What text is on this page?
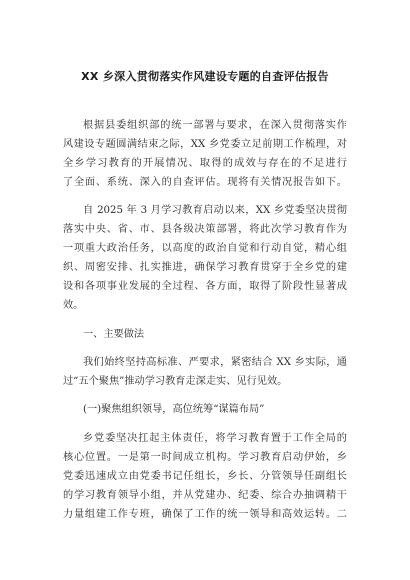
XX 乡深入贯彻落实作风建设专题的自查评估报告
根据县委组织部的统一部署与要求，在深入贯彻落实作
风建设专题圆满结束之际，XX 乡党委立足前期工作梳理，对
全乡学习教育的开展情况、取得的成效与存在的不足进行
了全面、系统、深入的自查评估。现将有关情况报告如下。
自 2025 年 3 月学习教育启动以来，XX 乡党委坚决贯彻
落实中央、省、市、县各级决策部署，将此次学习教育作为
一项重大政治任务，以高度的政治自觉和行动自觉，精心组
织、周密安排、扎实推进，确保学习教育贯穿于全乡党的建
设和各项事业发展的全过程、各方面，取得了阶段性显著成
效。
一、主要做法
我们始终坚持高标准、严要求，紧密结合 XX 乡实际，通
过“五个聚焦”推动学习教育走深走实、见行见效。
(一)聚焦组织领导，高位统筹“谋篇布局”
乡党委坚决扛起主体责任，将学习教育置于工作全局的
核心位置。一是第一时间成立机构。学习教育启动伊始，乡
党委迅速成立由党委书记任组长，乡长、分管领导任副组长
的学习教育领导小组，并从党建办、纪委、综合办抽调精干
力量组建工作专班，确保了工作的统一领导和高效运转。二
